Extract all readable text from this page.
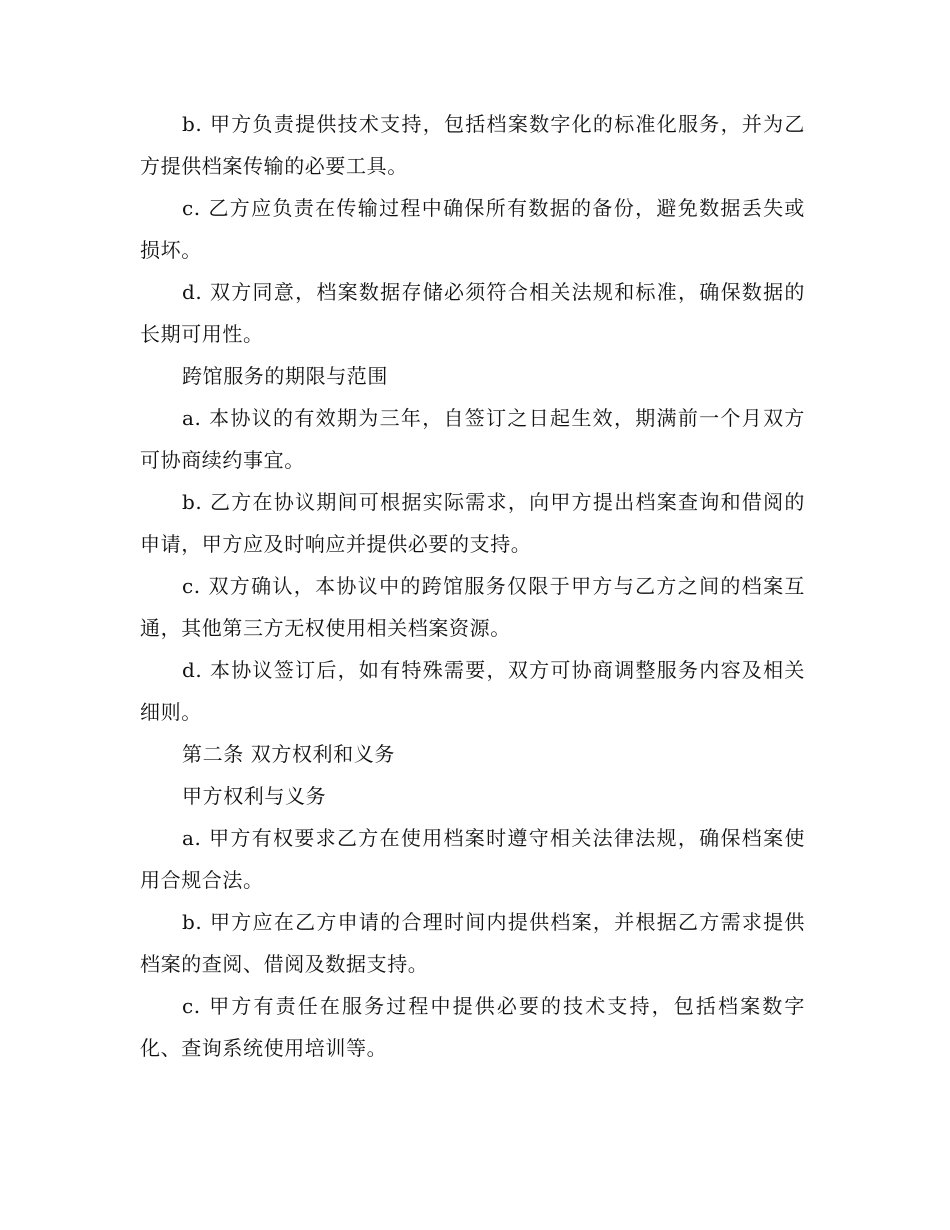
b. 甲方负责提供技术支持，包括档案数字化的标准化服务，并为乙方提供档案传输的必要工具。

c. 乙方应负责在传输过程中确保所有数据的备份，避免数据丢失或损坏。

d. 双方同意，档案数据存储必须符合相关法规和标准，确保数据的长期可用性。

跨馆服务的期限与范围

a. 本协议的有效期为三年，自签订之日起生效，期满前一个月双方可协商续约事宜。

b. 乙方在协议期间可根据实际需求，向甲方提出档案查询和借阅的申请，甲方应及时响应并提供必要的支持。

c. 双方确认，本协议中的跨馆服务仅限于甲方与乙方之间的档案互通，其他第三方无权使用相关档案资源。

d. 本协议签订后，如有特殊需要，双方可协商调整服务内容及相关细则。

第二条 双方权利和义务

甲方权利与义务

a. 甲方有权要求乙方在使用档案时遵守相关法律法规，确保档案使用合规合法。

b. 甲方应在乙方申请的合理时间内提供档案，并根据乙方需求提供档案的查阅、借阅及数据支持。

c. 甲方有责任在服务过程中提供必要的技术支持，包括档案数字化、查询系统使用培训等。
